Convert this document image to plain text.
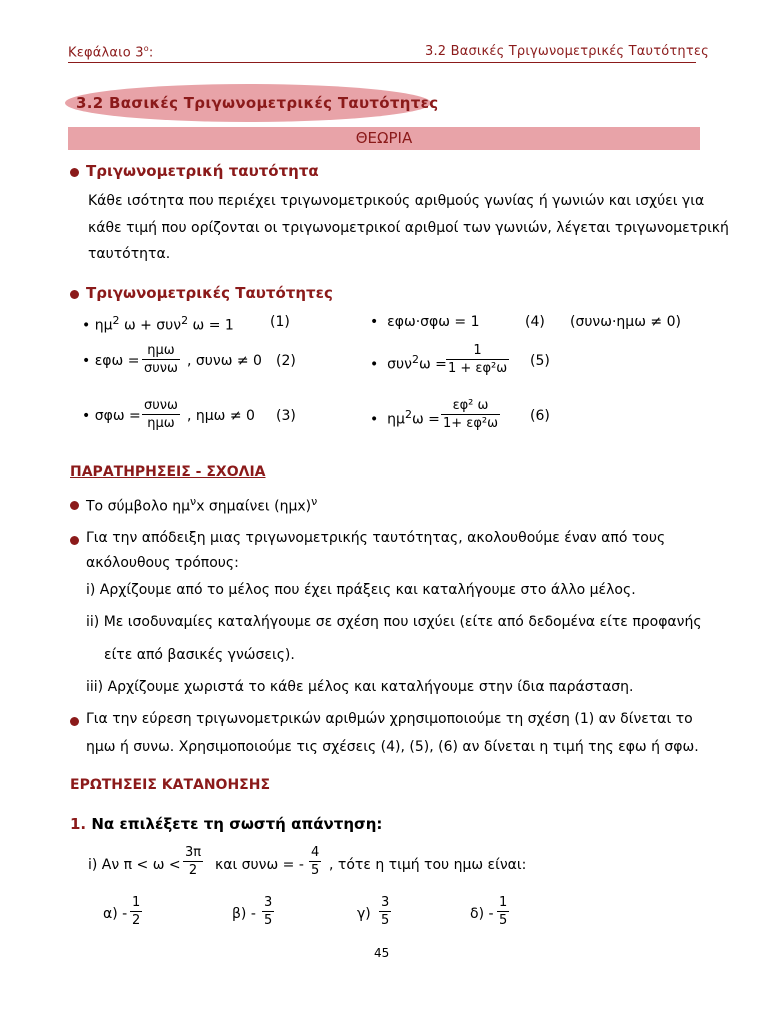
Κεφάλαιο $3^o$:	3.2 Βασικές Τριγωνομετρικές Ταυτότητες
3.2 Βασικές Τριγωνομετρικές Ταυτότητες
ΘΕΩΡΙΑ
Τριγωνομετρική ταυτότητα
Κάθε ισότητα που περιέχει τριγωνομετρικούς αριθμούς γωνίας ή γωνιών και ισχύει για
κάθε τιμή που ορίζονται οι τριγωνομετρικοί αριθμοί των γωνιών, λέγεται τριγωνομετρική
ταυτότητα.
Τριγωνομετρικές Ταυτότητες
• $\eta\mu^2$ ω + συν$^2$ ω = 1	(1)	•  εφω·σφω = 1	(4) (συνω·ημω ≠ 0)
• εφω =
ημω
συνω , συνω ≠ 0 (2)	•  $\sigma\upsilon\nu^2\omega = \frac{1}{\text{1 + εφ²ω}} (5)$
• σφω =
συνω
ημω , ημω ≠ 0 (3)	•  $\eta\mu^2\omega = \frac{\text{εφ² ω}}{\text{1+ εφ²ω}} (6)$
ΠΑΡΑΤΗΡΗΣΕΙΣ - ΣΧΟΛΙΑ
Το σύμβολο $\eta\mu^\nu x$ σημαίνει $(\eta\mu x)^\nu$
Για την απόδειξη μιας τριγωνομετρικής ταυτότητας, ακολουθούμε έναν από τους
ακόλουθους τρόπους:
i) Αρχίζουμε από το μέλος που έχει πράξεις και καταλήγουμε στο άλλο μέλος.
ii) Με ισοδυναμίες καταλήγουμε σε σχέση που ισχύει (είτε από δεδομένα είτε προφανής
είτε από βασικές γνώσεις).
iii) Αρχίζουμε χωριστά το κάθε μέλος και καταλήγουμε στην ίδια παράσταση.
Για την εύρεση τριγωνομετρικών αριθμών χρησιμοποιούμε τη σχέση (1) αν δίνεται το
ημω ή συνω. Χρησιμοποιούμε τις σχέσεις (4), (5), (6) αν δίνεται η τιμή της εφω ή σφω.
ΕΡΩΤΗΣΕΙΣ ΚΑΤΑΝΟΗΣΗΣ
1. Να επιλέξετε τη σωστή απάντηση:
i) Αν $\pi < \omega < \frac{3\pi}{2}$ και συνω = - $\frac{4}{5}$ , τότε η τιμή του ημω είναι:
$\alpha) - \frac{1}{2}$	$\beta) - \frac{3}{5}$	$\gamma) \frac{3}{5}$	$\delta) - \frac{1}{5}$
45
